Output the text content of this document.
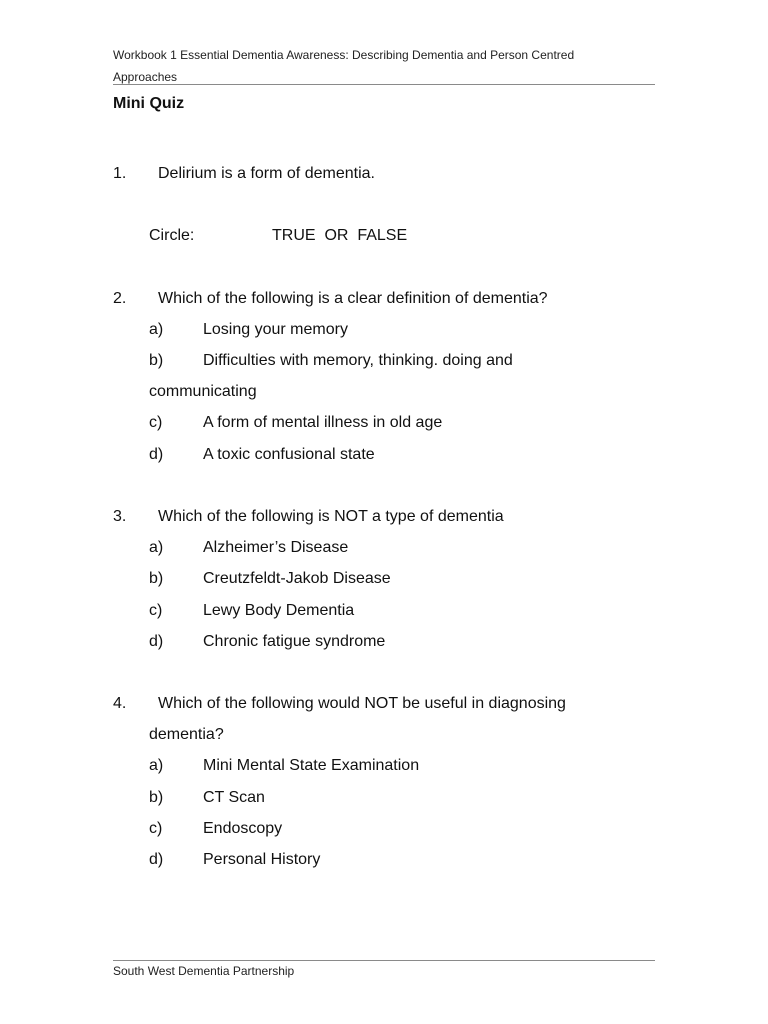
Workbook 1 Essential Dementia Awareness: Describing Dementia and Person Centred
Approaches
Mini Quiz
1. Delirium is a form of dementia.
Circle:	TRUE  OR  FALSE
2. Which of the following is a clear definition of dementia?
a) Losing your memory
b) Difficulties with memory, thinking. doing and
communicating
c)	A form of mental illness in old age
d) A toxic confusional state
3. Which of the following is NOT a type of dementia
a) Alzheimer’s Disease
b) Creutzfeldt-Jakob Disease
c)	Lewy Body Dementia
d) Chronic fatigue syndrome
4. Which of the following would NOT be useful in diagnosing
dementia?
a) Mini Mental State Examination
b) CT Scan
c)	Endoscopy
d) Personal History
South West Dementia Partnership
